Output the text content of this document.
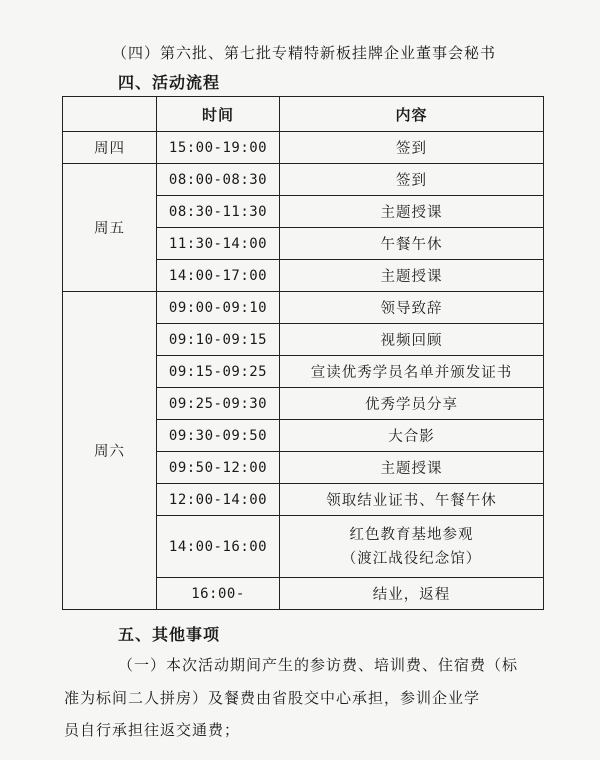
（四）第六批、第七批专精特新板挂牌企业董事会秘书
四、活动流程
	时间	内容
周四	15:00-19:00	签到
周五	08:00-08:30	签到
	08:30-11:30	主题授课
	11:30-14:00	午餐午休
	14:00-17:00	主题授课
周六	09:00-09:10	领导致辞
	09:10-09:15	视频回顾
	09:15-09:25	宣读优秀学员名单并颁发证书
	09:25-09:30	优秀学员分享
	09:30-09:50	大合影
	09:50-12:00	主题授课
	12:00-14:00	领取结业证书、午餐午休
	14:00-16:00	红色教育基地参观
（渡江战役纪念馆）

	16:00-	结业，返程
五、其他事项
（一）本次活动期间产生的参访费、培训费、住宿费（标
准为标间二人拼房）及餐费由省股交中心承担，参训企业学
员自行承担往返交通费；
